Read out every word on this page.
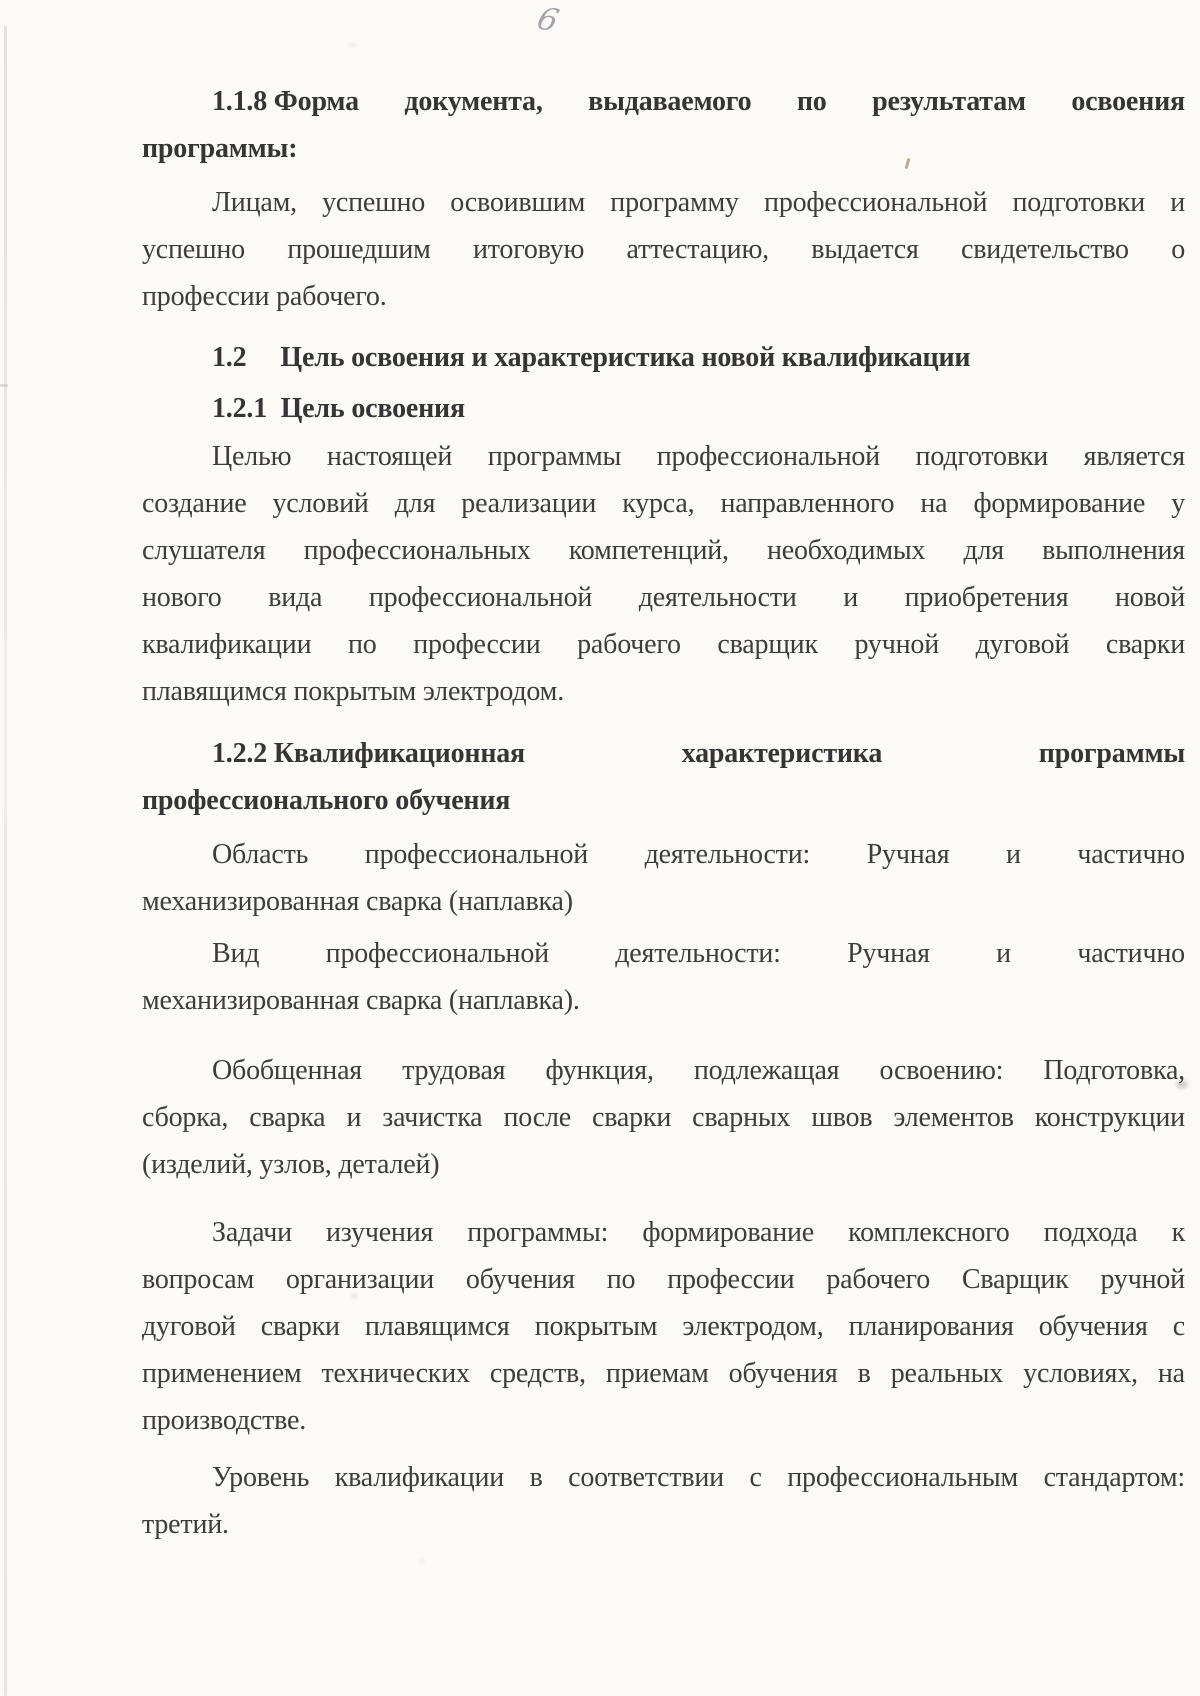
6
1.1.8 Форма документа, выдаваемого по результатам освоения
программы:
Лицам, успешно освоившим программу профессиональной подготовки и
успешно прошедшим итоговую аттестацию, выдается свидетельство о
профессии рабочего.
1.2     Цель освоения и характеристика новой квалификации
1.2.1  Цель освоения
Целью настоящей программы профессиональной подготовки является
создание условий для реализации курса, направленного на формирование у
слушателя профессиональных компетенций, необходимых для выполнения
нового вида профессиональной деятельности и приобретения новой
квалификации по профессии рабочего сварщик ручной дуговой сварки
плавящимся покрытым электродом.
1.2.2 Квалификационная	характеристика	программы
профессионального обучения
Область профессиональной деятельности: Ручная и частично
механизированная сварка (наплавка)
Вид профессиональной деятельности: Ручная и частично
механизированная сварка (наплавка).
Обобщенная трудовая функция, подлежащая освоению: Подготовка,
сборка, сварка и зачистка после сварки сварных швов элементов конструкции
(изделий, узлов, деталей)
Задачи изучения программы: формирование комплексного подхода к
вопросам организации обучения по профессии рабочего Сварщик ручной
дуговой сварки плавящимся покрытым электродом, планирования обучения с
применением технических средств, приемам обучения в реальных условиях, на
производстве.
Уровень квалификации в соответствии с профессиональным стандартом:
третий.
